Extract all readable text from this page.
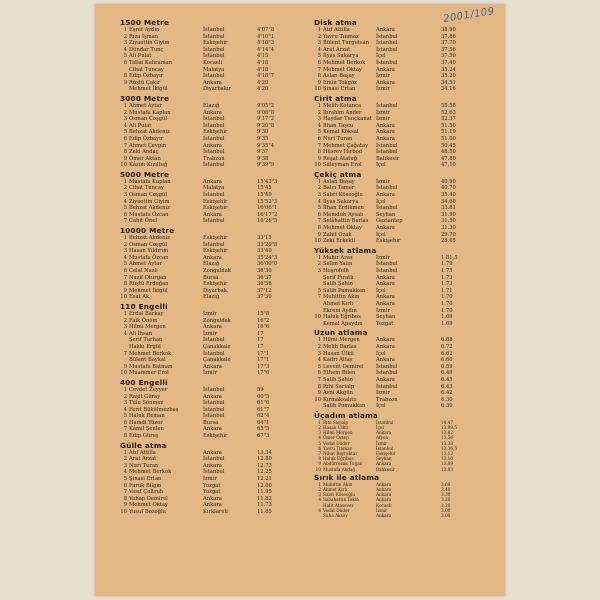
2001/109
1500 Metre
1 Eşref Aydın	İstanbul	4'07"8
2 Rıza İşman	İstanbul	4'10"1
3 Ziyaettin Giyim	Eskişehir	4'10"3
4 Dündar Tunç	İstanbul	4'14"4
5 Ali Pulat	İstanbul	4'15
6 Tallâi Kahraman	Kocaeli	4'18
Cihat Tuncay	Malatya	4'18
8 Edip Özbayır	İstanbul	4'18"7
9 Rüştü Çakır	Ankara	4'20
Mehmet İkigül	Diyarbakır	4'20
3000 Metre
1 Ahmet Aytar	Elazığ	9'05"2
2 Mustafa Kaplan	Ankara	9'08"8
3 Osman Coşgül	İstanbul	9'17"2
4 Ali Pulat	İstanbul	9'20"8
5 Behzat Akdeniz	Eskişehir	9'30
6 Edip Özbayır	İstanbul	9'35
7 Ahmet Çevgin	Ankara	9'35"4
8 Zeki Andaç	İstanbul	9'37
9 Ömer Aktan	Trabzon	9'38
10 Kâzım Kızıltuğ	İstanbul	9'39"9
5000 Metre
1 Mustafa Kaplan	Ankara	15'43"3
2 Cihat Tuncay	Malatya	15'45
3 Osman Coşgül	İstanbul	15'49
4 Ziyaettin Giyim	Eskişehir	15'52"3
5 Behzat Akdeniz	Eskişehir	16'06"1
6 Mustafa Özcan	Ankara	16'17"2
7 Cahit Önel	İstanbul	16'26"5
10000 Metre
1 Behzat Akdeniz	Eskişehir	33'15
2 Osman Coşgül	İstanbul	33'20"8
3 Hasan Yıldırım	Eskişehir	33'40
4 Mustafa Özcan	Ankara	35'24"3
5 Ahmet Aytar	Elazığ	36'00"0
6 Celal Nazlı	Zonguldak	36'30
7 Nazif Oturgan	Bursa	36'37
8 Rüştü Erdoğan	Eskişehir	36'56
9 Mehmet İkigül	Diyarbak.	37'12
10 Esat Ak	Elazığ	37'30
110 Engelli
1 Erdal Barkay	İzmir	15"8
2 Faik Önem	Zonguldak	16"2
3 Hilmi Mergen	Ankara	16"6
4 Ali İhsan	İzmir	17
Şerif Turhan	İstanbul	17
Hakkı Ergül	Çanakkale	17
7 Mehmet Berkok	İstanbul	17"1
Bülent Baykal	Çanakkale	17"1
9 Mustafa Batman	Ankara	17"3
10 Muammer Erol	İzmir	17"6
400 Engelli
1 Cevdet Zeyyer	İstanbul	59
2 Raşit Güray	Ankara	60"5
3 Tulu Sönmez	İstanbul	61"6
4 Ferit Bükülmezbaş	İstanbul	61"7
5 Haluk Reman	İstanbul	62"4
6 Hamdi Yüzer	Bursa	64"1
7 Kâmil Şenlen	Ankara	65"5
8 Edip Güreş	Eskişehir	67"3
Gülle atma
1 Atıf Attilla	Ankara	13.34
2 Arat Arzat	İstanbul	12.80
3 Nuri Turan	Ankara	12.73
4 Mehmet Berkok	İstanbul	12.25
5 Şinasi Ertan	İzmir	12.21
6 Faruk Bilgin	Yozgat	12.00
7 Vasıf Çoltruh	Yozgat	11.95
8 Vahap Demirel	Ankara	11.82
9 Mehmet Oktay	Ankara	11.73
10 Yusuf Bozoğlu	Kırklareli	11.65
Disk atma
1 Atıf Attilla	Ankara	38.90
2 Yavru Tınmaz	İstanbul	37.86
3 Bülent Turgutsan İstanbul	37.70
4 Arat Arzat	İstanbul	37.56
5 İlyas Sakarya	İçel	37.50
6 Mehmet Berkok İstanbul	37.40
7 Mehmet Oktay	Ankara	35.24
8 Aslan Başay	İzmir	35.20
9 Emin Tokgöz	Ankara	34.51
10 Şinasi Ertan	İzmir	34.16
Cirit atma
1 Melih Kotanca	İstanbul	55.58
2 İbrahim Ander	İzmir	52.63
3 Haydar Tunçkanat İzmir	52.37
4 Ilhan Taşcu	Ankara	51.50
5 Kemal Köksal	Ankara	51.19
6 Nuri Turan	Ankara	51.00
7 Mehmet Çağatay İstanbul	50.45
8 Hüsrev Hırbod	İstanbul	48.50
9 Reşat Atatuğ	Balıkesir	47.80
10 Süleyman Erol	İçel	47.10
Çekiç atma
1 Aslan Başay	İzmir	40.90
2 Balcı Tamer	İstanbul	40.70
3 Sabri Köseoğlu	Ankara	35.40
4 İlyas Sakarya	İçel	34.60
5 İlhan Erdikmen İstanbul	33.81
6 Memduh Aysalı Seyhan	31.90
7 Selâhattin Barlas Gaziantep	31.50
8 Mehmet Oktay	Ankara	31.30
9 Zahit Ozak	İçel	29.70
10 Zeki Erkekli	Eskişehir	28.65
Yüksek atlama
1 Mahir Aras	İzmir	1.81,5
2 Selim Yalın	İstanbul	1.79
3 Hoşrofelh	İstanbul	1.75
Şerif Fıratlı	Ankara	1.73
Salih Şahin	Ankara	1.73
5 Salih Pamukkan İçel	1.71
7 Muhittin Akın	Ankara	1.70
Ahmet Kırlı	Ankara	1.70
Ekrem Aydın	İzmir	1.70
10 Haluk Eğribos	Seyhan	1.69
Kemal Apaydın	Yozgat	1.69
Uzun atlama
1 Hilmi Mergen	Ankara	6.88
2 Melih Barlas	Ankara	6.72
3 Hasan Ülkü	İçel	6.62
4 Kadri Altay	Ankara	6.60
5 Levent Demirel İstanbul	6.59
6 Ethem Bilen	İstanbul	6.49
7 Salih Şahin	Ankara	6.45
8 Rıhi Sarialp	İstanbul	6.43
9 Avni Akgün	İzmir	6.42
10 Kırmaksalıto	Trabzon	6.30
Salih Pamukkan İçel	6.30
Üçadım atlama
1 Rıhi Sarialp	İstanbul	14.47
2 Hasan Ülkü	İçel	13.99,5
3 Hilmi Mergen	Ankara	13.82
4 Ömer Öztep	Afyon	13.56
5 Vedat Düder	İzmir	13.38
6 Yavru Tınmaz	İstanbul	13.36,5
7 Nihat Bayraktar	Eskişehir	13.12
8 Haluk Eğribos	Seyhan	13.10
9 Abdürrezak Tuğan	Ankara	13.09
10 Mustafa Akdağ	Balıkesir	13.03
Sırık ile atlama
1 Muhittin Akın	Ankara	3.60
2 Ahmet Kırlı	Ankara	3.40
3 Sabri Köseoğlu	Ankara	3.30
4 Sabahattin Tekin	Ankara	3.20
Halit Atasever	Kocaeli	3.20
6 Vedat Düder	İzmir	3.00
Suha Aksoy	Ankara	3.00
